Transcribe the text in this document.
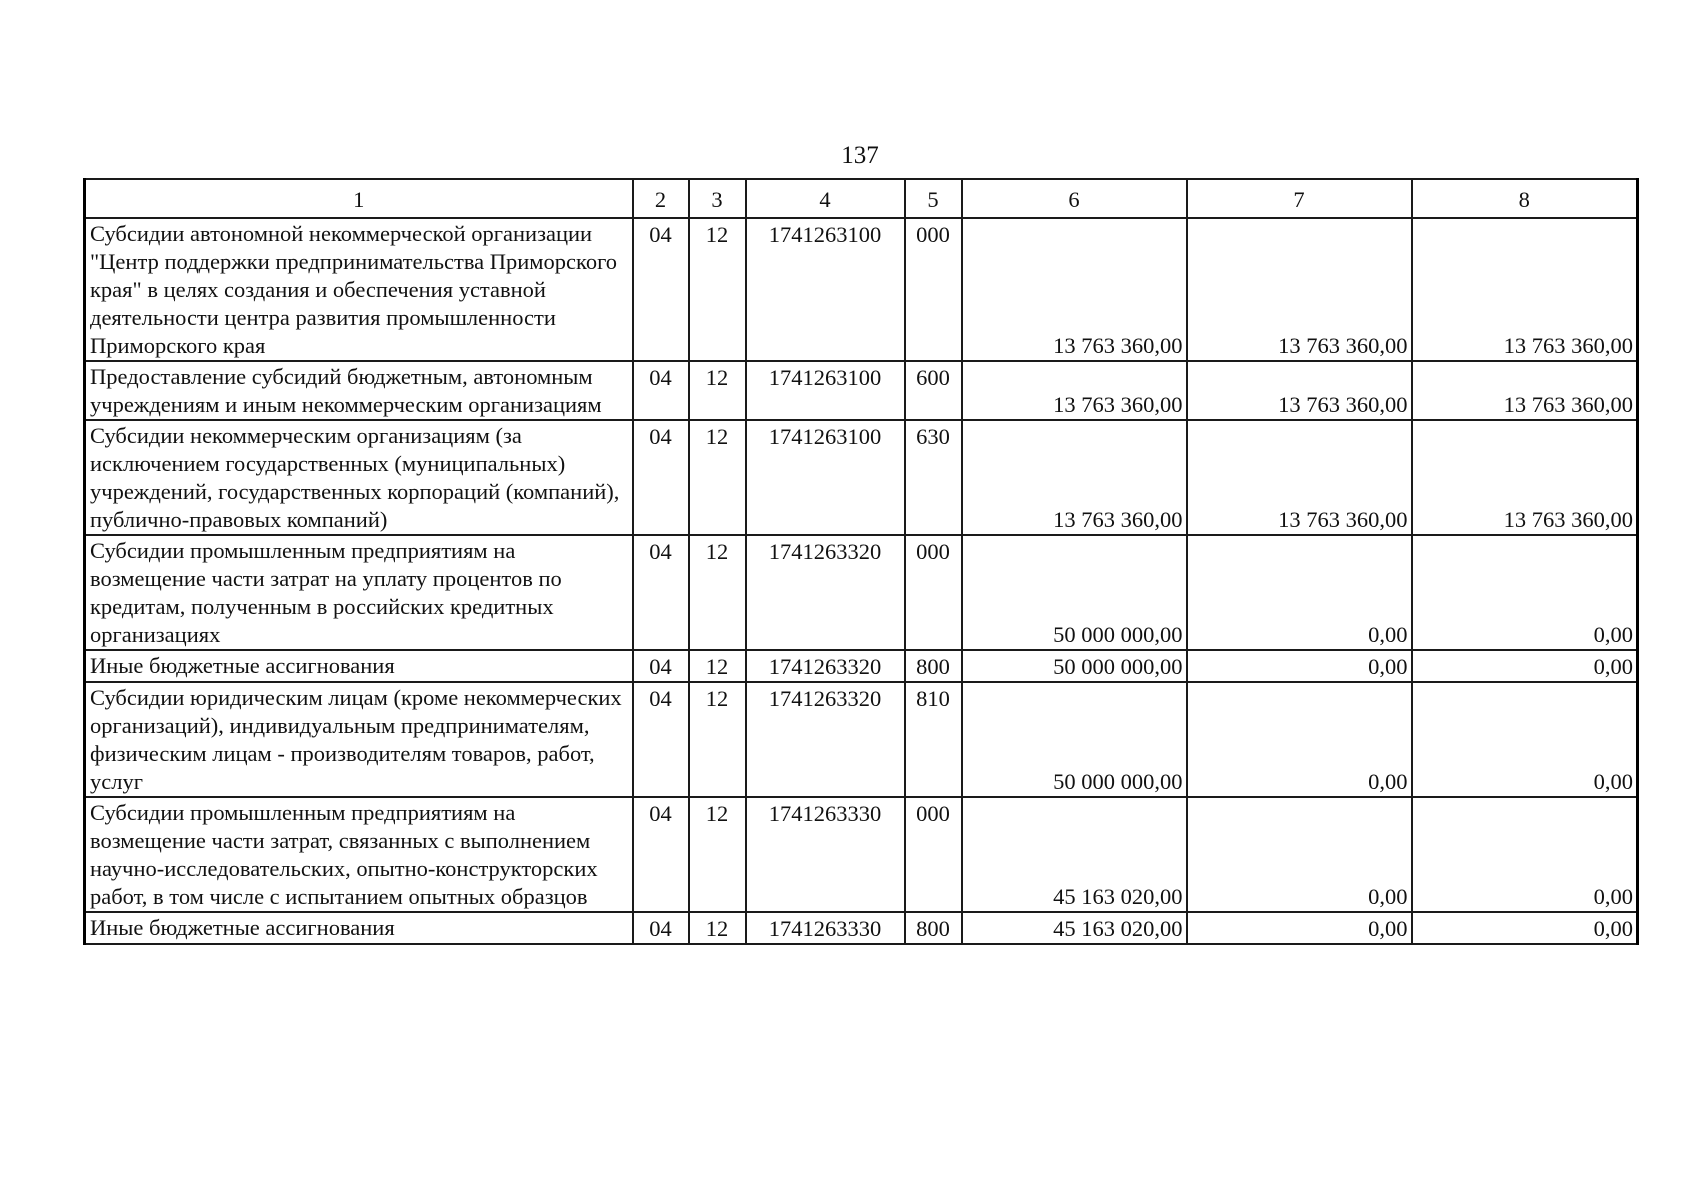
137
1	2	3	4	5	6	7	8
Субсидии автономной некоммерческой организации "Центр поддержки предпринимательства Приморского края" в целях создания и обеспечения уставной деятельности центра развития промышленности Приморского края	04	12	1741263100	000	13 763 360,00	13 763 360,00	13 763 360,00
Предоставление субсидий бюджетным, автономным учреждениям и иным некоммерческим организациям	04	12	1741263100	600	13 763 360,00	13 763 360,00	13 763 360,00
Субсидии некоммерческим организациям (за исключением государственных (муниципальных) учреждений, государственных корпораций (компаний), публично-правовых компаний)	04	12	1741263100	630	13 763 360,00	13 763 360,00	13 763 360,00
Субсидии промышленным предприятиям на возмещение части затрат на уплату процентов по кредитам, полученным в российских кредитных организациях	04	12	1741263320	000	50 000 000,00	0,00	0,00
Иные бюджетные ассигнования	04	12	1741263320	800	50 000 000,00	0,00	0,00
Субсидии юридическим лицам (кроме некоммерческих организаций), индивидуальным предпринимателям, физическим лицам - производителям товаров, работ, услуг	04	12	1741263320	810	50 000 000,00	0,00	0,00
Субсидии промышленным предприятиям на возмещение части затрат, связанных с выполнением научно-исследовательских, опытно-конструкторских работ, в том числе с испытанием опытных образцов	04	12	1741263330	000	45 163 020,00	0,00	0,00
Иные бюджетные ассигнования	04	12	1741263330	800	45 163 020,00	0,00	0,00
